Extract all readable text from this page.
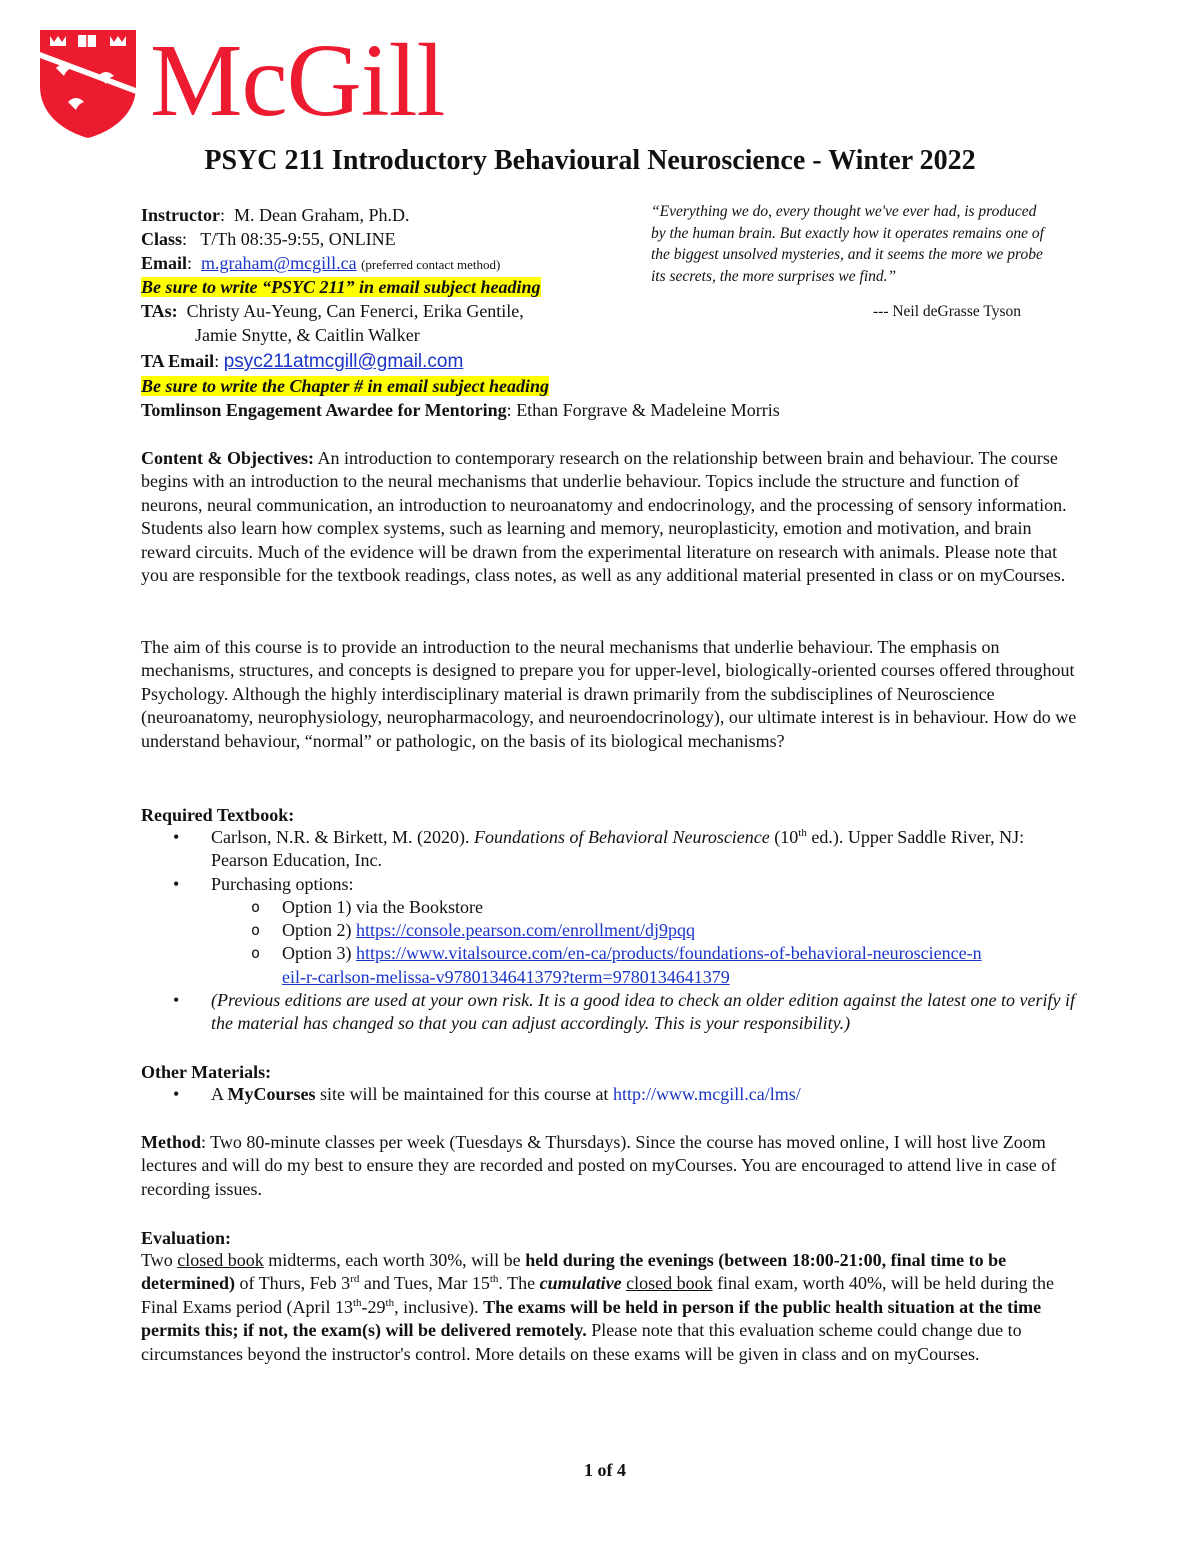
McGill
PSYC 211 Introductory Behavioural Neuroscience - Winter 2022
Instructor:  M. Dean Graham, Ph.D.
Class:   T/Th 08:35-9:55, ONLINE
Email:  m.graham@mcgill.ca (preferred contact method)
Be sure to write “PSYC 211” in email subject heading
TAs: Christy Au-Yeung, Can Fenerci, Erika Gentile,
Jamie Snytte, & Caitlin Walker
TA Email: psyc211atmcgill@gmail.com
Be sure to write the Chapter # in email subject heading
Tomlinson Engagement Awardee for Mentoring: Ethan Forgrave & Madeleine Morris
“Everything we do, every thought we've ever had, is produced by the human brain. But exactly how it operates remains one of the biggest unsolved mysteries, and it seems the more we probe its secrets, the more surprises we find.”
--- Neil deGrasse Tyson
Content & Objectives: An introduction to contemporary research on the relationship between brain and behaviour. The course begins with an introduction to the neural mechanisms that underlie behaviour. Topics include the structure and function of neurons, neural communication, an introduction to neuroanatomy and endocrinology, and the processing of sensory information. Students also learn how complex systems, such as learning and memory, neuroplasticity, emotion and motivation, and brain reward circuits. Much of the evidence will be drawn from the experimental literature on research with animals. Please note that you are responsible for the textbook readings, class notes, as well as any additional material presented in class or on myCourses.
The aim of this course is to provide an introduction to the neural mechanisms that underlie behaviour. The emphasis on mechanisms, structures, and concepts is designed to prepare you for upper-level, biologically-oriented courses offered throughout Psychology. Although the highly interdisciplinary material is drawn primarily from the subdisciplines of Neuroscience (neuroanatomy, neurophysiology, neuropharmacology, and neuroendocrinology), our ultimate interest is in behaviour. How do we understand behaviour, “normal” or pathologic, on the basis of its biological mechanisms?
Required Textbook:
• Carlson, N.R. & Birkett, M. (2020). Foundations of Behavioral Neuroscience (10th ed.). Upper Saddle River, NJ: Pearson Education, Inc.
• Purchasing options:
o Option 1) via the Bookstore
o Option 2) https://console.pearson.com/enrollment/dj9pqq
o Option 3) https://www.vitalsource.com/en-ca/products/foundations-of-behavioral-neuroscience-neil-r-carlson-melissa-v9780134641379?term=9780134641379
• (Previous editions are used at your own risk. It is a good idea to check an older edition against the latest one to verify if the material has changed so that you can adjust accordingly. This is your responsibility.)
Other Materials:
• A MyCourses site will be maintained for this course at http://www.mcgill.ca/lms/
Method: Two 80-minute classes per week (Tuesdays & Thursdays). Since the course has moved online, I will host live Zoom lectures and will do my best to ensure they are recorded and posted on myCourses. You are encouraged to attend live in case of recording issues.
Evaluation:
Two closed book midterms, each worth 30%, will be held during the evenings (between 18:00-21:00, final time to be determined) of Thurs, Feb 3rd and Tues, Mar 15th. The cumulative closed book final exam, worth 40%, will be held during the Final Exams period (April 13th-29th, inclusive). The exams will be held in person if the public health situation at the time permits this; if not, the exam(s) will be delivered remotely. Please note that this evaluation scheme could change due to circumstances beyond the instructor's control. More details on these exams will be given in class and on myCourses.
1 of 4
